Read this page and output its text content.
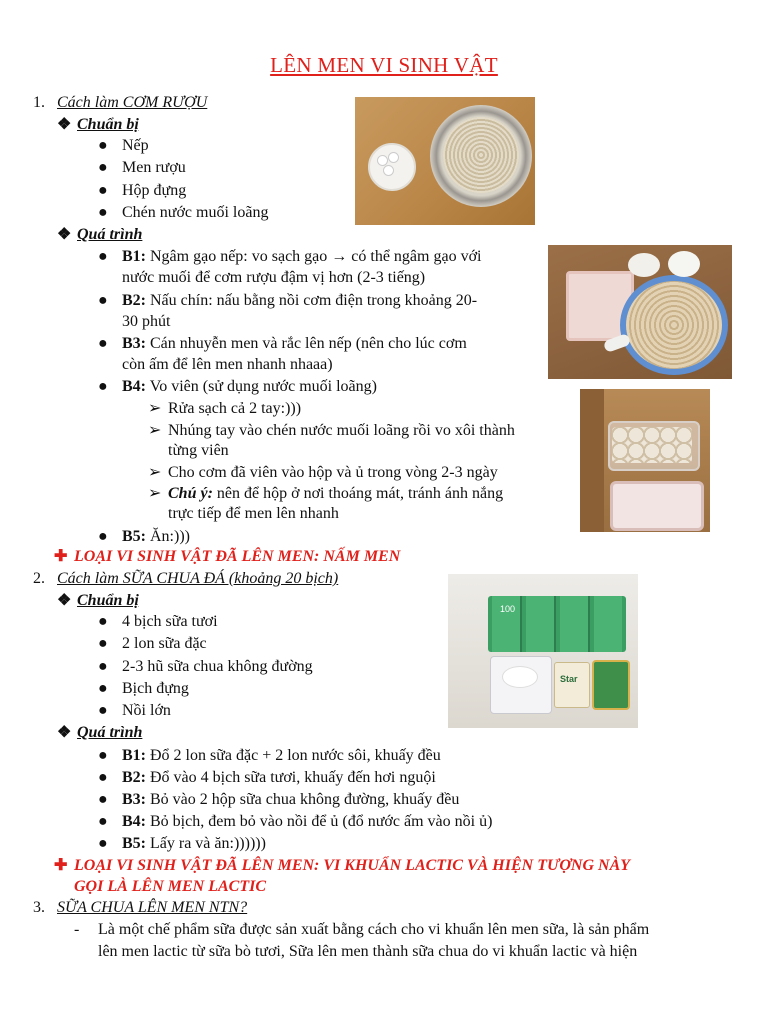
LÊN MEN VI SINH VẬT
1. Cách làm CƠM RƯỢU
❖ Chuẩn bị
● Nếp
● Men rượu
● Hộp đựng
● Chén nước muối loãng
❖ Quá trình
● B1: Ngâm gạo nếp: vo sạch gạo → có thể ngâm gạo với
nước muối để cơm rượu đậm vị hơn (2-3 tiếng)
● B2: Nấu chín: nấu bằng nồi cơm điện trong khoảng 20-
30 phút
● B3: Cán nhuyễn men và rắc lên nếp (nên cho lúc cơm
còn ấm để lên men nhanh nhaaa)
● B4: Vo viên (sử dụng nước muối loãng)
➢ Rửa sạch cả 2 tay:)))
➢ Nhúng tay vào chén nước muối loãng rồi vo xôi thành
từng viên
➢ Cho cơm đã viên vào hộp và ủ trong vòng 2-3 ngày
➢ Chú ý: nên để hộp ở nơi thoáng mát, tránh ánh nắng
trực tiếp để men lên nhanh
● B5: Ăn:)))
✚ LOẠI VI SINH VẬT ĐÃ LÊN MEN: NẤM MEN
2. Cách làm SỮA CHUA ĐÁ (khoảng 20 bịch)
❖ Chuẩn bị
● 4 bịch sữa tươi
● 2 lon sữa đặc
● 2-3 hũ sữa chua không đường
● Bịch đựng
● Nồi lớn
❖ Quá trình
● B1: Đổ 2 lon sữa đặc + 2 lon nước sôi, khuấy đều
● B2: Đổ vào 4 bịch sữa tươi, khuấy đến hơi nguội
● B3: Bỏ vào 2 hộp sữa chua không đường, khuấy đều
● B4: Bỏ bịch, đem bỏ vào nồi để ủ (đổ nước ấm vào nồi ủ)
● B5: Lấy ra và ăn:))))))
✚ LOẠI VI SINH VẬT ĐÃ LÊN MEN: VI KHUẨN LACTIC VÀ HIỆN TƯỢNG NÀY
GỌI LÀ LÊN MEN LACTIC
3. SỮA CHUA LÊN MEN NTN?
- Là một chế phẩm sữa được sản xuất bằng cách cho vi khuẩn lên men sữa, là sản phẩm
lên men lactic từ sữa bò tươi, Sữa lên men thành sữa chua do vi khuẩn lactic và hiện
100
Star
